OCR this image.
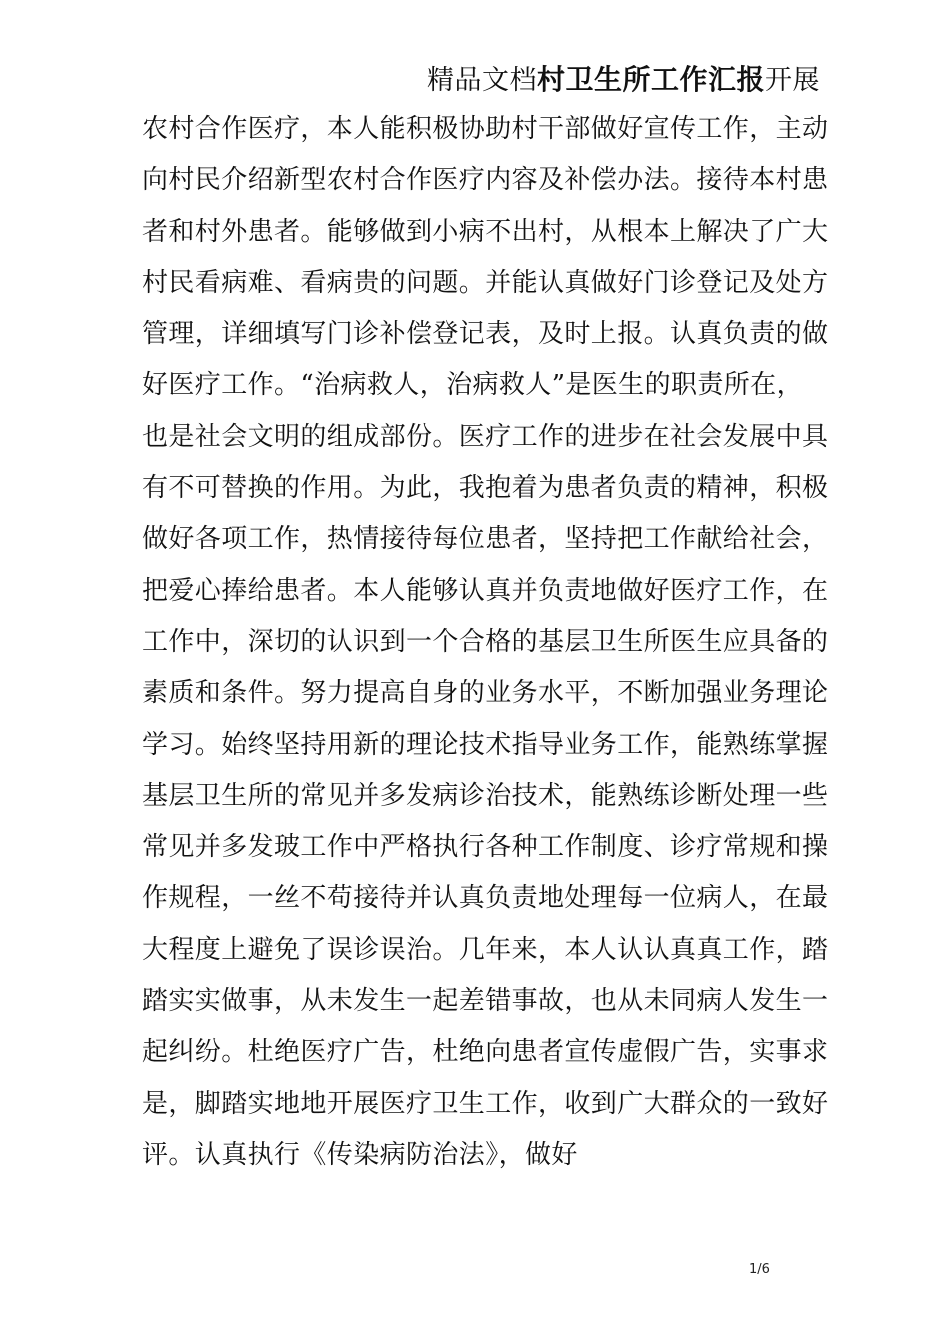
精品文档村卫生所工作汇报开展
农村合作医疗，本人能积极协助村干部做好宣传工作，主动
向村民介绍新型农村合作医疗内容及补偿办法。接待本村患
者和村外患者。能够做到小病不出村，从根本上解决了广大
村民看病难、看病贵的问题。并能认真做好门诊登记及处方
管理，详细填写门诊补偿登记表，及时上报。认真负责的做
好医疗工作。“治病救人，治病救人”是医生的职责所在，
也是社会文明的组成部份。医疗工作的进步在社会发展中具
有不可替换的作用。为此，我抱着为患者负责的精神，积极
做好各项工作，热情接待每位患者，坚持把工作献给社会，
把爱心捧给患者。本人能够认真并负责地做好医疗工作，在
工作中，深切的认识到一个合格的基层卫生所医生应具备的
素质和条件。努力提高自身的业务水平，不断加强业务理论
学习。始终坚持用新的理论技术指导业务工作，能熟练掌握
基层卫生所的常见并多发病诊治技术，能熟练诊断处理一些
常见并多发玻工作中严格执行各种工作制度、诊疗常规和操
作规程，一丝不苟接待并认真负责地处理每一位病人，在最
大程度上避免了误诊误治。几年来，本人认认真真工作，踏
踏实实做事，从未发生一起差错事故，也从未同病人发生一
起纠纷。杜绝医疗广告，杜绝向患者宣传虚假广告，实事求
是，脚踏实地地开展医疗卫生工作，收到广大群众的一致好
评。认真执行《传染病防治法》，做好
1/6
